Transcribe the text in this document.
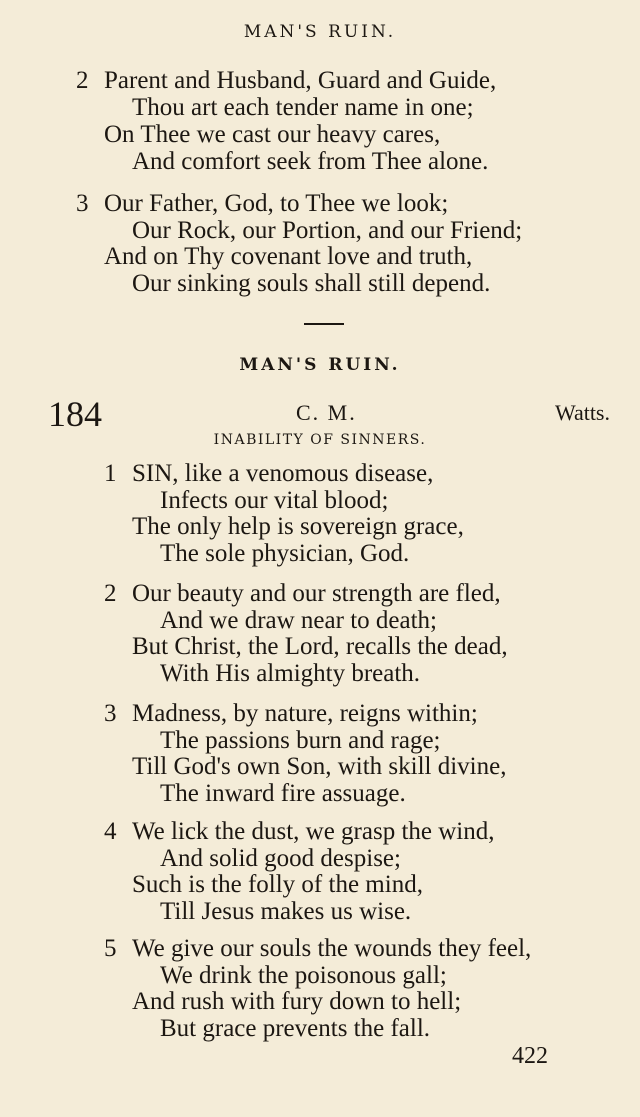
MAN'S RUIN.
2 Parent and Husband, Guard and Guide,
Thou art each tender name in one;
On Thee we cast our heavy cares,
And comfort seek from Thee alone.
3 Our Father, God, to Thee we look;
Our Rock, our Portion, and our Friend;
And on Thy covenant love and truth,
Our sinking souls shall still depend.
MAN'S RUIN.
184	C. M.	Watts.
INABILITY OF SINNERS.
1 SIN, like a venomous disease,
Infects our vital blood;
The only help is sovereign grace,
The sole physician, God.
2 Our beauty and our strength are fled,
And we draw near to death;
But Christ, the Lord, recalls the dead,
With His almighty breath.
3 Madness, by nature, reigns within;
The passions burn and rage;
Till God's own Son, with skill divine,
The inward fire assuage.
4 We lick the dust, we grasp the wind,
And solid good despise;
Such is the folly of the mind,
Till Jesus makes us wise.
5 We give our souls the wounds they feel,
We drink the poisonous gall;
And rush with fury down to hell;
But grace prevents the fall.
422
